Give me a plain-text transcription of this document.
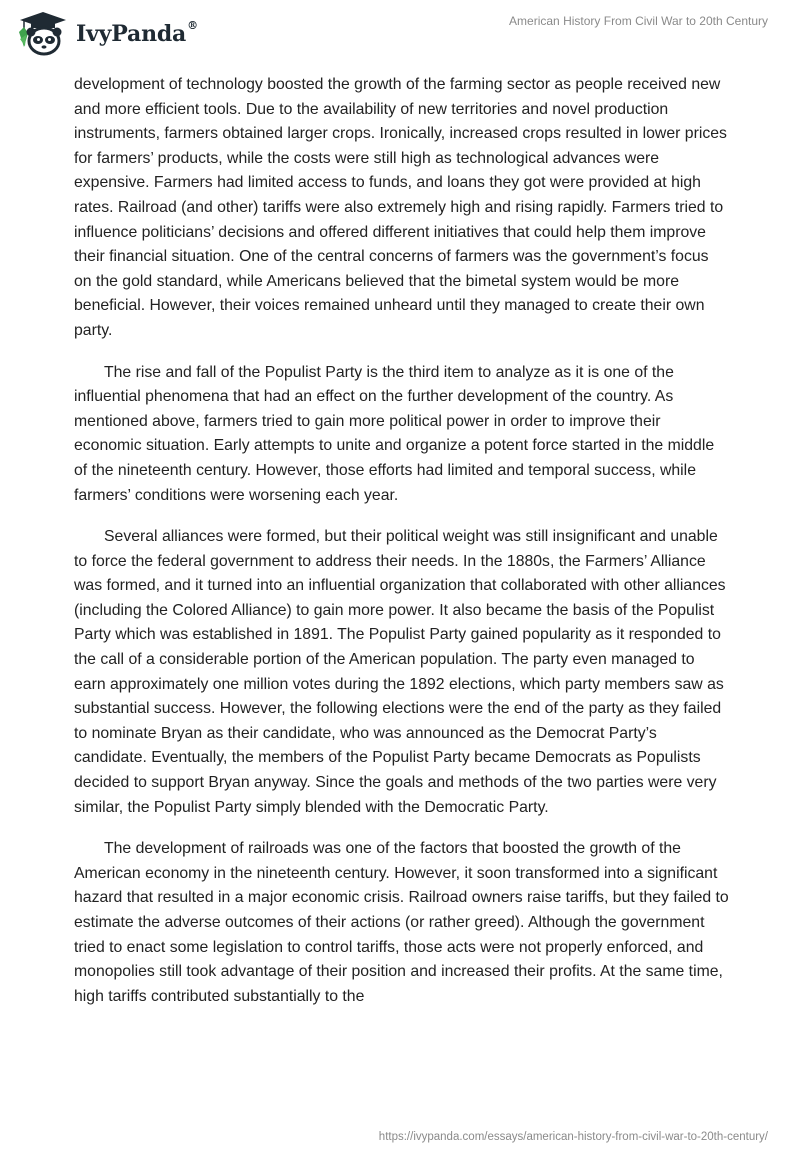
IvyPanda®	American History From Civil War to 20th Century

development of technology boosted the growth of the farming sector as people received new and more efficient tools. Due to the availability of new territories and novel production instruments, farmers obtained larger crops. Ironically, increased crops resulted in lower prices for farmers’ products, while the costs were still high as technological advances were expensive. Farmers had limited access to funds, and loans they got were provided at high rates. Railroad (and other) tariffs were also extremely high and rising rapidly. Farmers tried to influence politicians’ decisions and offered different initiatives that could help them improve their financial situation. One of the central concerns of farmers was the government’s focus on the gold standard, while Americans believed that the bimetal system would be more beneficial. However, their voices remained unheard until they managed to create their own party.

The rise and fall of the Populist Party is the third item to analyze as it is one of the influential phenomena that had an effect on the further development of the country. As mentioned above, farmers tried to gain more political power in order to improve their economic situation. Early attempts to unite and organize a potent force started in the middle of the nineteenth century. However, those efforts had limited and temporal success, while farmers’ conditions were worsening each year.

Several alliances were formed, but their political weight was still insignificant and unable to force the federal government to address their needs. In the 1880s, the Farmers’ Alliance was formed, and it turned into an influential organization that collaborated with other alliances (including the Colored Alliance) to gain more power. It also became the basis of the Populist Party which was established in 1891. The Populist Party gained popularity as it responded to the call of a considerable portion of the American population. The party even managed to earn approximately one million votes during the 1892 elections, which party members saw as substantial success. However, the following elections were the end of the party as they failed to nominate Bryan as their candidate, who was announced as the Democrat Party’s candidate. Eventually, the members of the Populist Party became Democrats as Populists decided to support Bryan anyway. Since the goals and methods of the two parties were very similar, the Populist Party simply blended with the Democratic Party.

The development of railroads was one of the factors that boosted the growth of the American economy in the nineteenth century. However, it soon transformed into a significant hazard that resulted in a major economic crisis. Railroad owners raise tariffs, but they failed to estimate the adverse outcomes of their actions (or rather greed). Although the government tried to enact some legislation to control tariffs, those acts were not properly enforced, and monopolies still took advantage of their position and increased their profits. At the same time, high tariffs contributed substantially to the

https://ivypanda.com/essays/american-history-from-civil-war-to-20th-century/
